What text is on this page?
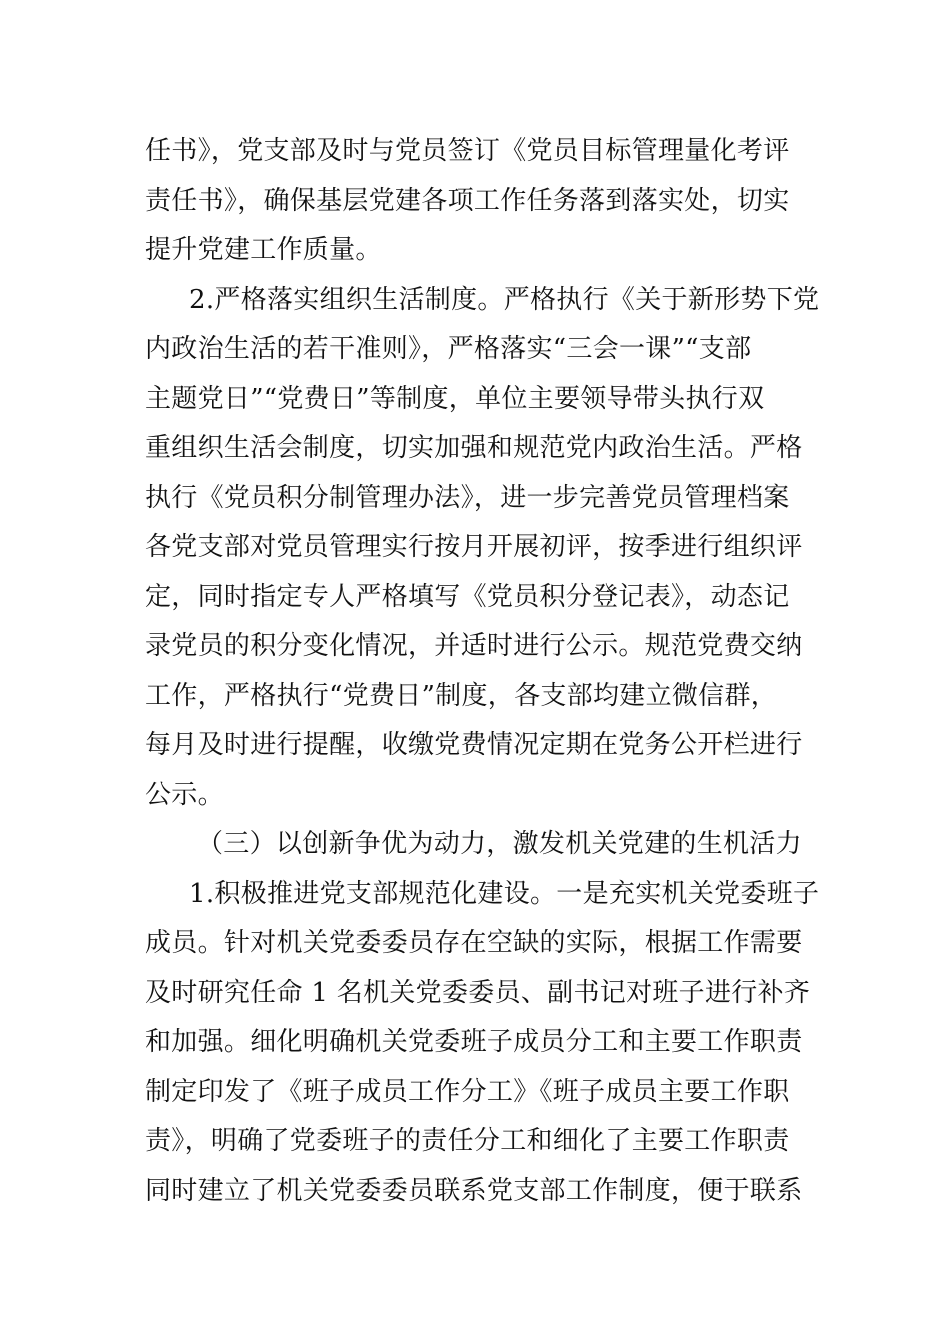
任书》，党支部及时与党员签订《党员目标管理量化考评
责任书》，确保基层党建各项工作任务落到落实处，切实
提升党建工作质量。
2.严格落实组织生活制度。严格执行《关于新形势下党
内政治生活的若干准则》，严格落实“三会一课”“支部
主题党日”“党费日”等制度，单位主要领导带头执行双
重组织生活会制度，切实加强和规范党内政治生活。严格
执行《党员积分制管理办法》，进一步完善党员管理档案
各党支部对党员管理实行按月开展初评，按季进行组织评
定，同时指定专人严格填写《党员积分登记表》，动态记
录党员的积分变化情况，并适时进行公示。规范党费交纳
工作，严格执行“党费日”制度，各支部均建立微信群，
每月及时进行提醒，收缴党费情况定期在党务公开栏进行
公示。
（三）以创新争优为动力，激发机关党建的生机活力
1.积极推进党支部规范化建设。一是充实机关党委班子
成员。针对机关党委委员存在空缺的实际，根据工作需要
及时研究任命 1 名机关党委委员、副书记对班子进行补齐
和加强。细化明确机关党委班子成员分工和主要工作职责
制定印发了《班子成员工作分工》《班子成员主要工作职
责》，明确了党委班子的责任分工和细化了主要工作职责
同时建立了机关党委委员联系党支部工作制度，便于联系
